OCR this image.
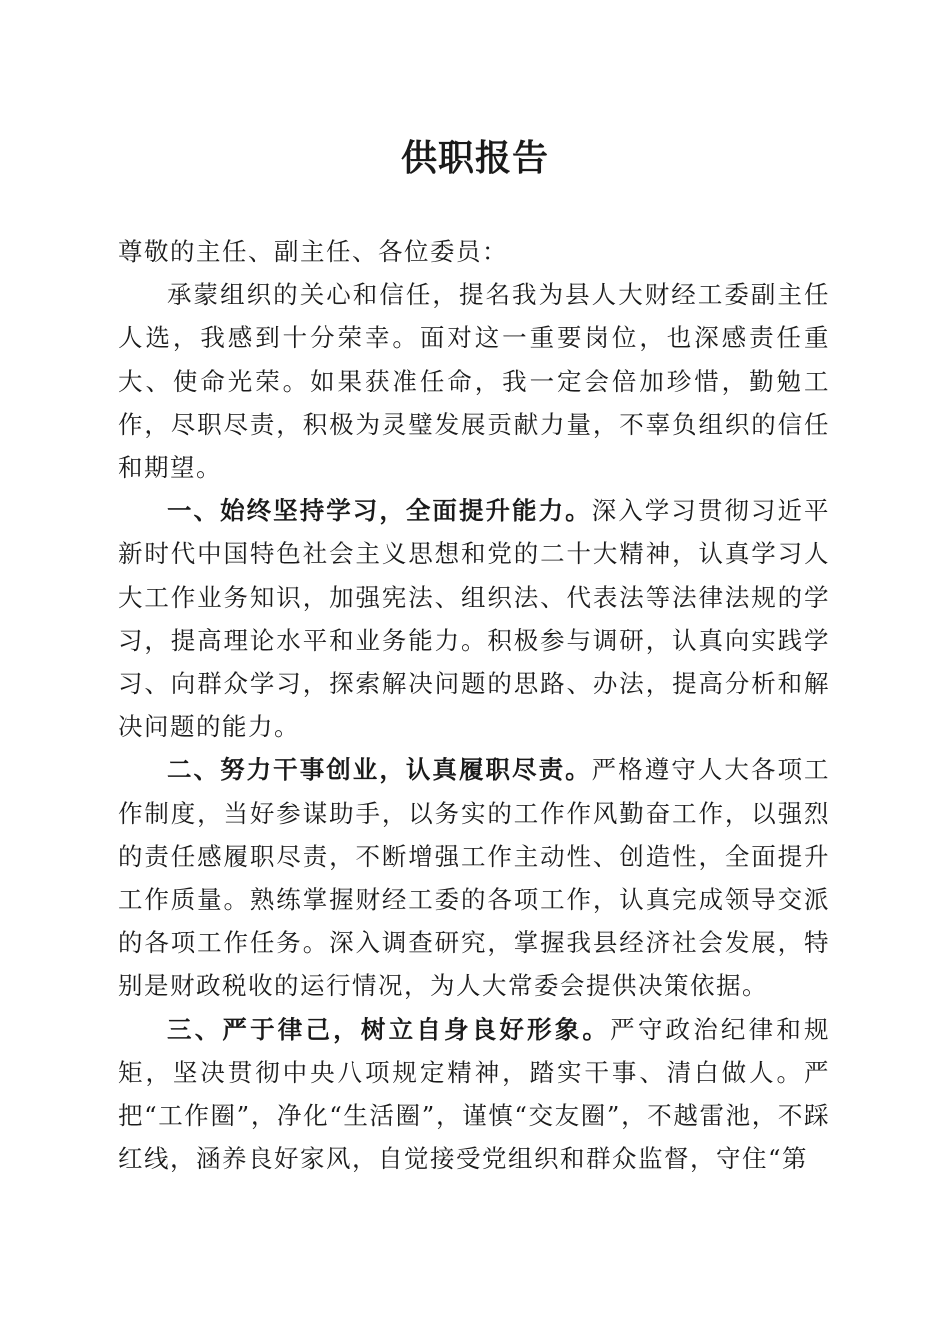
供职报告

尊敬的主任、副主任、各位委员：

承蒙组织的关心和信任，提名我为县人大财经工委副主任人选，我感到十分荣幸。面对这一重要岗位，也深感责任重大、使命光荣。如果获准任命，我一定会倍加珍惜，勤勉工作，尽职尽责，积极为灵璧发展贡献力量，不辜负组织的信任和期望。

一、始终坚持学习，全面提升能力。深入学习贯彻习近平新时代中国特色社会主义思想和党的二十大精神，认真学习人大工作业务知识，加强宪法、组织法、代表法等法律法规的学习，提高理论水平和业务能力。积极参与调研，认真向实践学习、向群众学习，探索解决问题的思路、办法，提高分析和解决问题的能力。

二、努力干事创业，认真履职尽责。严格遵守人大各项工作制度，当好参谋助手，以务实的工作作风勤奋工作，以强烈的责任感履职尽责，不断增强工作主动性、创造性，全面提升工作质量。熟练掌握财经工委的各项工作，认真完成领导交派的各项工作任务。深入调查研究，掌握我县经济社会发展，特别是财政税收的运行情况，为人大常委会提供决策依据。

三、严于律己，树立自身良好形象。严守政治纪律和规矩，坚决贯彻中央八项规定精神，踏实干事、清白做人。严把“工作圈”，净化“生活圈”，谨慎“交友圈”，不越雷池，不踩红线，涵养良好家风，自觉接受党组织和群众监督，守住“第
